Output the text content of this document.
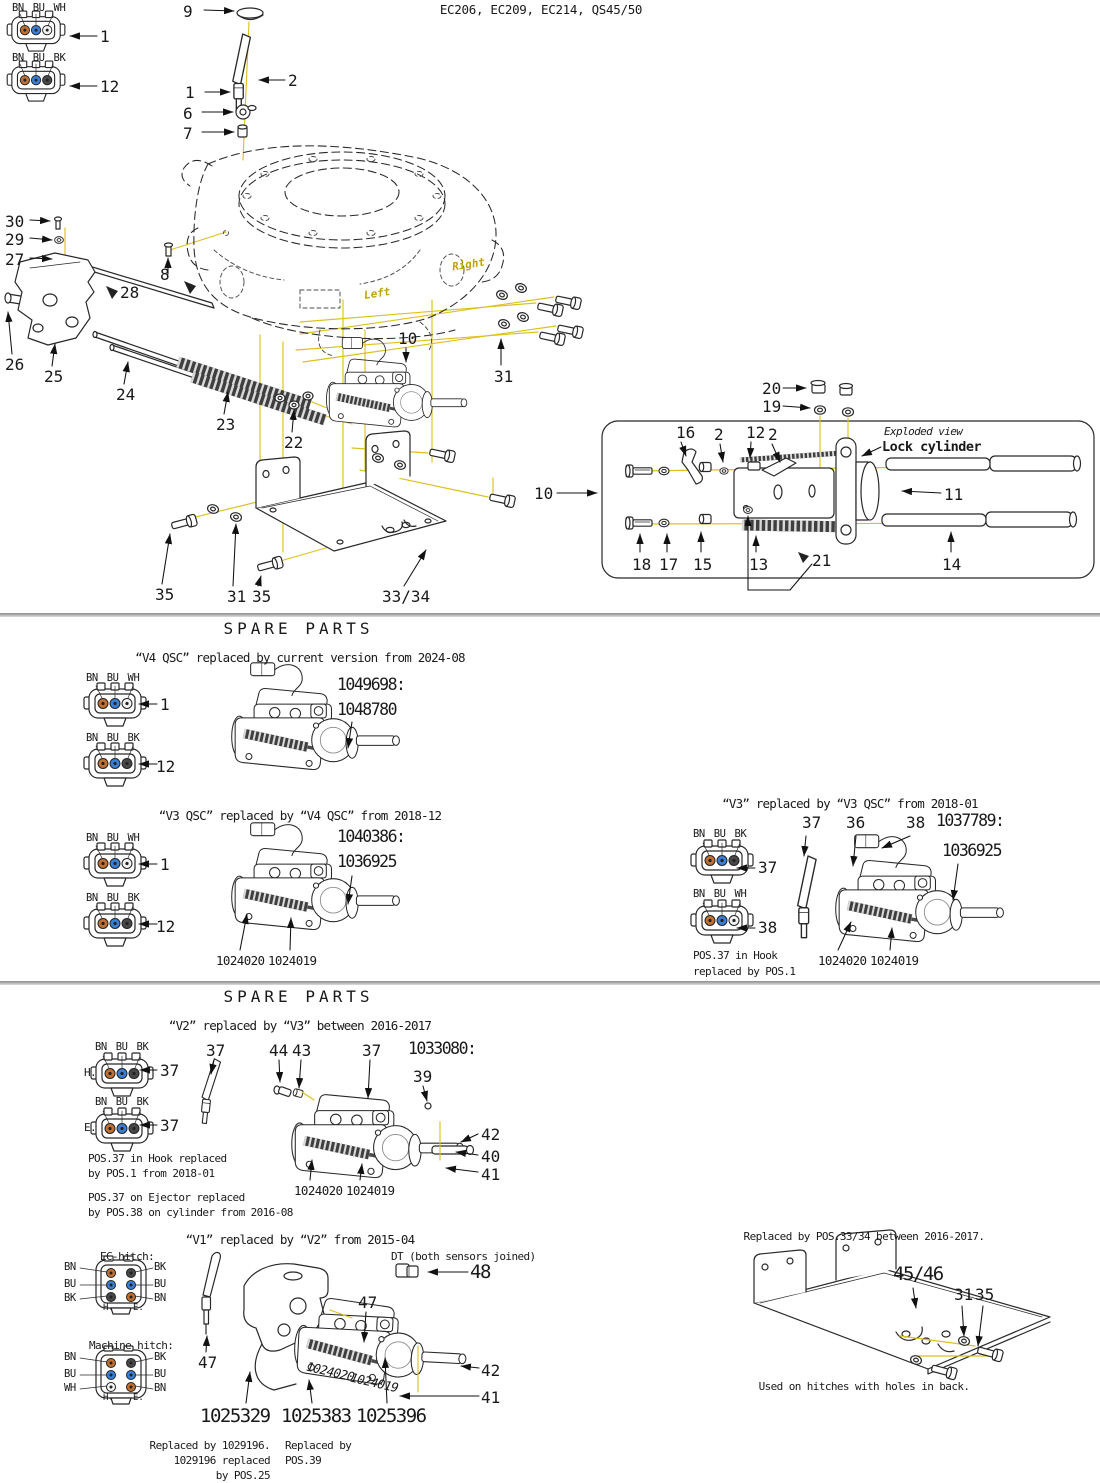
EC206, EC209, EC214, QS45/50
SPARE PARTS
SPARE PARTS
“V4 QSC” replaced by current version from 2024-08
“V3 QSC” replaced by “V4 QSC” from 2018-12
“V3” replaced by “V3 QSC” from 2018-01
“V2” replaced by “V3” between 2016-2017
“V1” replaced by “V2” from 2015-04
Exploded view
Lock cylinder
POS.37 in Hook
replaced by POS.1
POS.37 in Hook replaced
by POS.1 from 2018-01
POS.37 on Ejector replaced
by POS.38 on cylinder from 2016-08
EC-hitch:
Machine hitch:
DT (both sensors joined)
Replaced by 1029196.
1029196 replaced
by POS.25
Replaced by
POS.39
Replaced by POS.33/34 between 2016-2017.
Used on hitches with holes in back.
BN BU WH
BN BU BK
1
12
9
2
1
6
7
30
29
27
28
8
26
25
24
23
22
10
31
35	31 35	33/34
Right
Left
10
20
19
16 2 12 2
11
18 17 15 13	21	14
BN BU WH
1
BN BU BK
12
1049698:
1048780
BN BU WH
1
BN BU BK
12
1040386:
1036925
1024020 1024019
37 36	38 1037789:
1036925
BN BU BK
37
BN BU WH
38
1024020 1024019
BN BU BK
H.	37
BN BU BK
E.	37
37	44 43	37 1033080:
39
42
40
41
1024020 1024019
BN
BU
BK
BK
BU
BN
H. E.
BN
BU
WH
BK
BU
BN
H. E.
47
47
48
42
41
1025329 1025383 1025396
1024020
1024019
45/46
31 35
